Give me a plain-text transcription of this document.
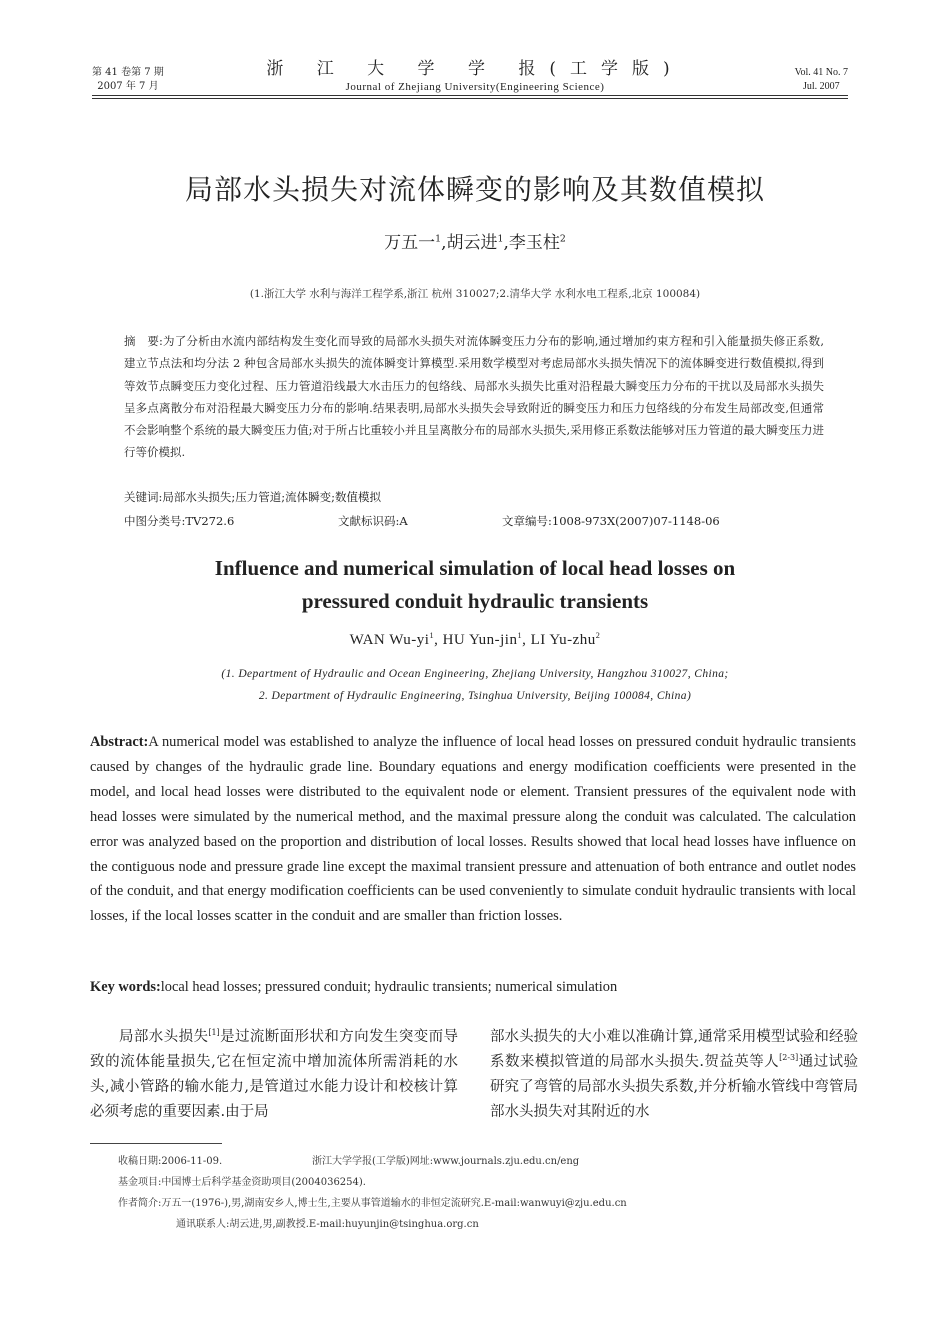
第 41 卷第 7 期
2007 年 7 月
浙 江 大 学 学 报(工学版)
Journal of Zhejiang University(Engineering Science)
Vol. 41 No. 7
Jul. 2007
局部水头损失对流体瞬变的影响及其数值模拟
万五一$^1$,胡云进$^1$,李玉柱$^2$
(1.浙江大学 水利与海洋工程学系,浙江 杭州 310027;2.清华大学 水利水电工程系,北京 100084)
摘　要:为了分析由水流内部结构发生变化而导致的局部水头损失对流体瞬变压力分布的影响,通过增加约束方程和引入能量损失修正系数,建立节点法和均分法 2 种包含局部水头损失的流体瞬变计算模型.采用数学模型对考虑局部水头损失情况下的流体瞬变进行数值模拟,得到等效节点瞬变压力变化过程、压力管道沿线最大水击压力的包络线、局部水头损失比重对沿程最大瞬变压力分布的干扰以及局部水头损失呈多点离散分布对沿程最大瞬变压力分布的影响.结果表明,局部水头损失会导致附近的瞬变压力和压力包络线的分布发生局部改变,但通常不会影响整个系统的最大瞬变压力值;对于所占比重较小并且呈离散分布的局部水头损失,采用修正系数法能够对压力管道的最大瞬变压力进行等价模拟.
关键词:局部水头损失;压力管道;流体瞬变;数值模拟
中图分类号:TV272.6	文献标识码:A	文章编号:1008-973X(2007)07-1148-06
Influence and numerical simulation of local head losses on
pressured conduit hydraulic transients
WAN $Wu-yi^1$, HU Yun-jin$^1$, LI Yu-zhu$^2$
(1. Department of Hydraulic and Ocean Engineering, Zhejiang University, Hangzhou 310027, China;
2. Department of Hydraulic Engineering, Tsinghua University, Beijing 100084, China)
Abstract:A numerical model was established to analyze the influence of local head losses on pressured conduit hydraulic transients caused by changes of the hydraulic grade line. Boundary equations and energy modification coefficients were presented in the model, and local head losses were distributed to the equivalent node or element. Transient pressures of the equivalent node with head losses were simulated by the numerical method, and the maximal pressure along the conduit was calculated. The calculation error was analyzed based on the proportion and distribution of local losses. Results showed that local head losses have influence on the contiguous node and pressure grade line except the maximal transient pressure and attenuation of both entrance and outlet nodes of the conduit, and that energy modification coefficients can be used conveniently to simulate conduit hydraulic transients with local losses, if the local losses scatter in the conduit and are smaller than friction losses.
Key words:local head losses; pressured conduit; hydraulic transients; numerical simulation
局部水头损失[1]是过流断面形状和方向发生突变而导致的流体能量损失,它在恒定流中增加流体所需消耗的水头,减小管路的输水能力,是管道过水能力设计和校核计算必须考虑的重要因素.由于局
部水头损失的大小难以准确计算,通常采用模型试验和经验系数来模拟管道的局部水头损失.贺益英等人[2-3]通过试验研究了弯管的局部水头损失系数,并分析输水管线中弯管局部水头损失对其附近的水
收稿日期:2006-11-09.	浙江大学学报(工学版)网址:www.journals.zju.edu.cn/eng
基金项目:中国博士后科学基金资助项目(2004036254).
作者简介:万五一(1976-),男,湖南安乡人,博士生,主要从事管道输水的非恒定流研究.E-mail:wanwuyi@zju.edu.cn
通讯联系人:胡云进,男,副教授.E-mail:huyunjin@tsinghua.org.cn
